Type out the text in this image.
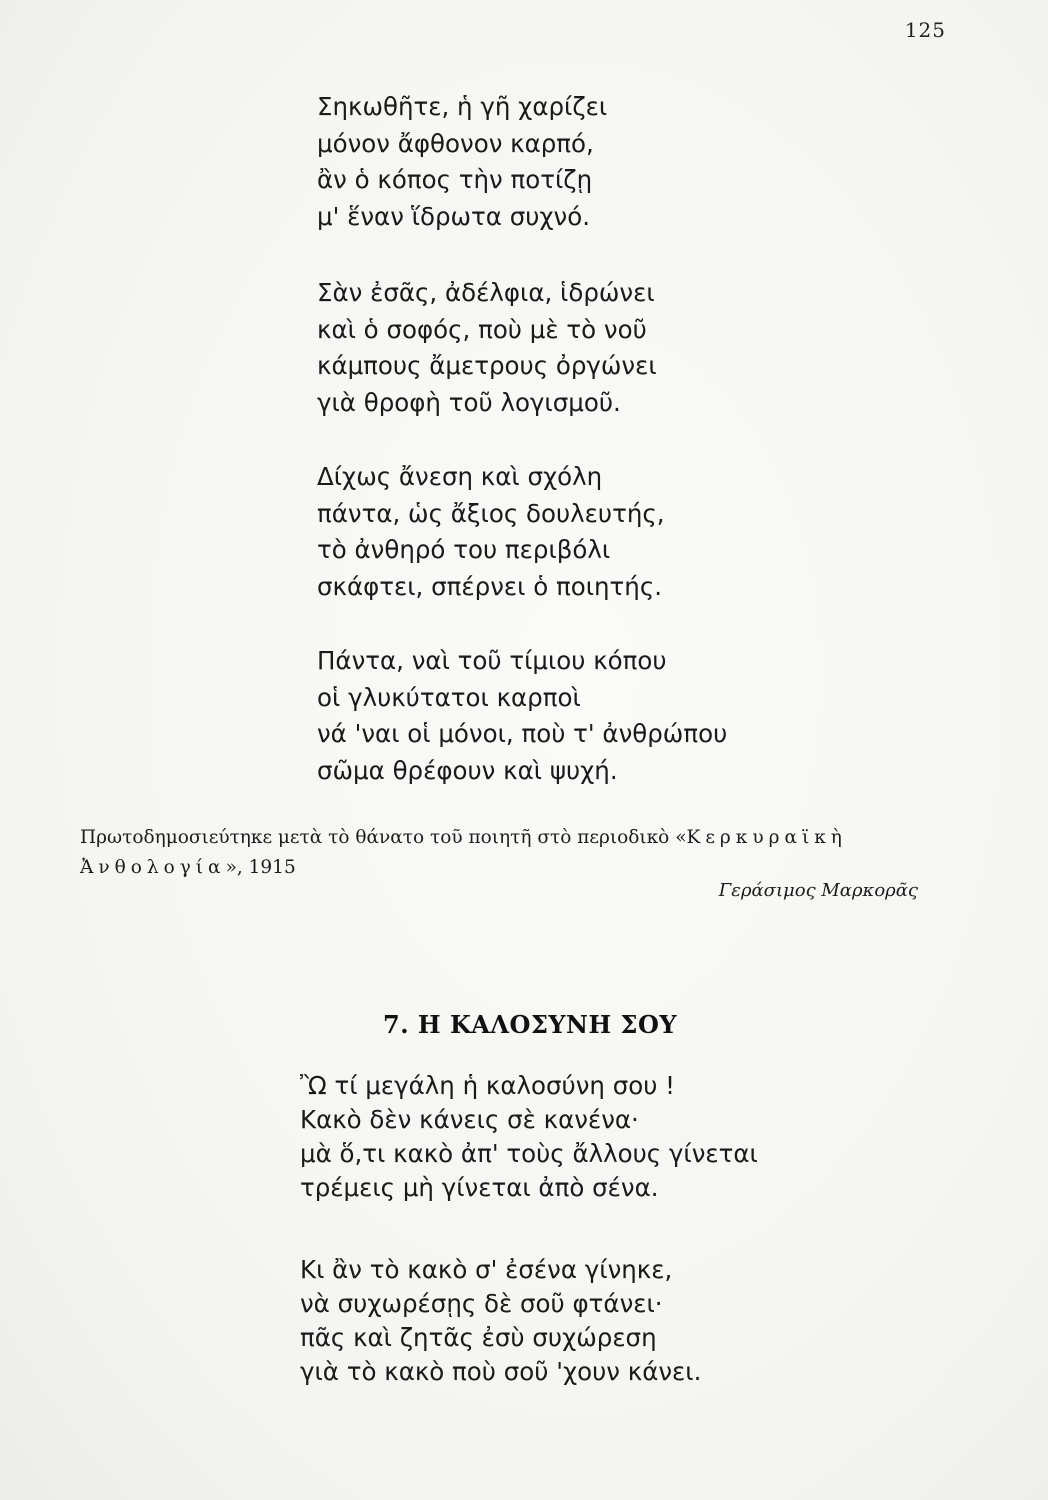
125
Σηκωθῆτε, ἡ γῆ χαρίζει
μόνον ἄφθονον καρπό,
ἂν ὁ κόπος τὴν ποτίζῃ
μ' ἕναν ἵδρωτα συχνό.
Σὰν ἐσᾶς, ἀδέλφια, ἱδρώνει
καὶ ὁ σοφός, ποὺ μὲ τὸ νοῦ
κάμπους ἄμετρους ὀργώνει
γιὰ θροφὴ τοῦ λογισμοῦ.
Δίχως ἄνεση καὶ σχόλη
πάντα, ὡς ἄξιος δουλευτής,
τὸ ἀνθηρό του περιβόλι
σκάφτει, σπέρνει ὁ ποιητής.
Πάντα, ναὶ τοῦ τίμιου κόπου
οἱ γλυκύτατοι καρποὶ
νά 'ναι οἱ μόνοι, ποὺ τ' ἀνθρώπου
σῶμα θρέφουν καὶ ψυχή.
Πρωτοδημοσιεύτηκε μετὰ τὸ θάνατο τοῦ ποιητῆ στὸ περιοδικὸ «Κερκυραϊκὴ
Ἀνθολογία», 1915
Γεράσιμος Μαρκορᾶς
7. Η ΚΑΛΟΣΥΝΗ ΣΟΥ
Ὢ τί μεγάλη ἡ καλοσύνη σου !
Κακὸ δὲν κάνεις σὲ κανένα·
μὰ ὅ,τι κακὸ ἀπ' τοὺς ἄλλους γίνεται
τρέμεις μὴ γίνεται ἀπὸ σένα.
Κι ἂν τὸ κακὸ σ' ἐσένα γίνηκε,
νὰ συχωρέσῃς δὲ σοῦ φτάνει·
πᾶς καὶ ζητᾶς ἐσὺ συχώρεση
γιὰ τὸ κακὸ ποὺ σοῦ 'χουν κάνει.
